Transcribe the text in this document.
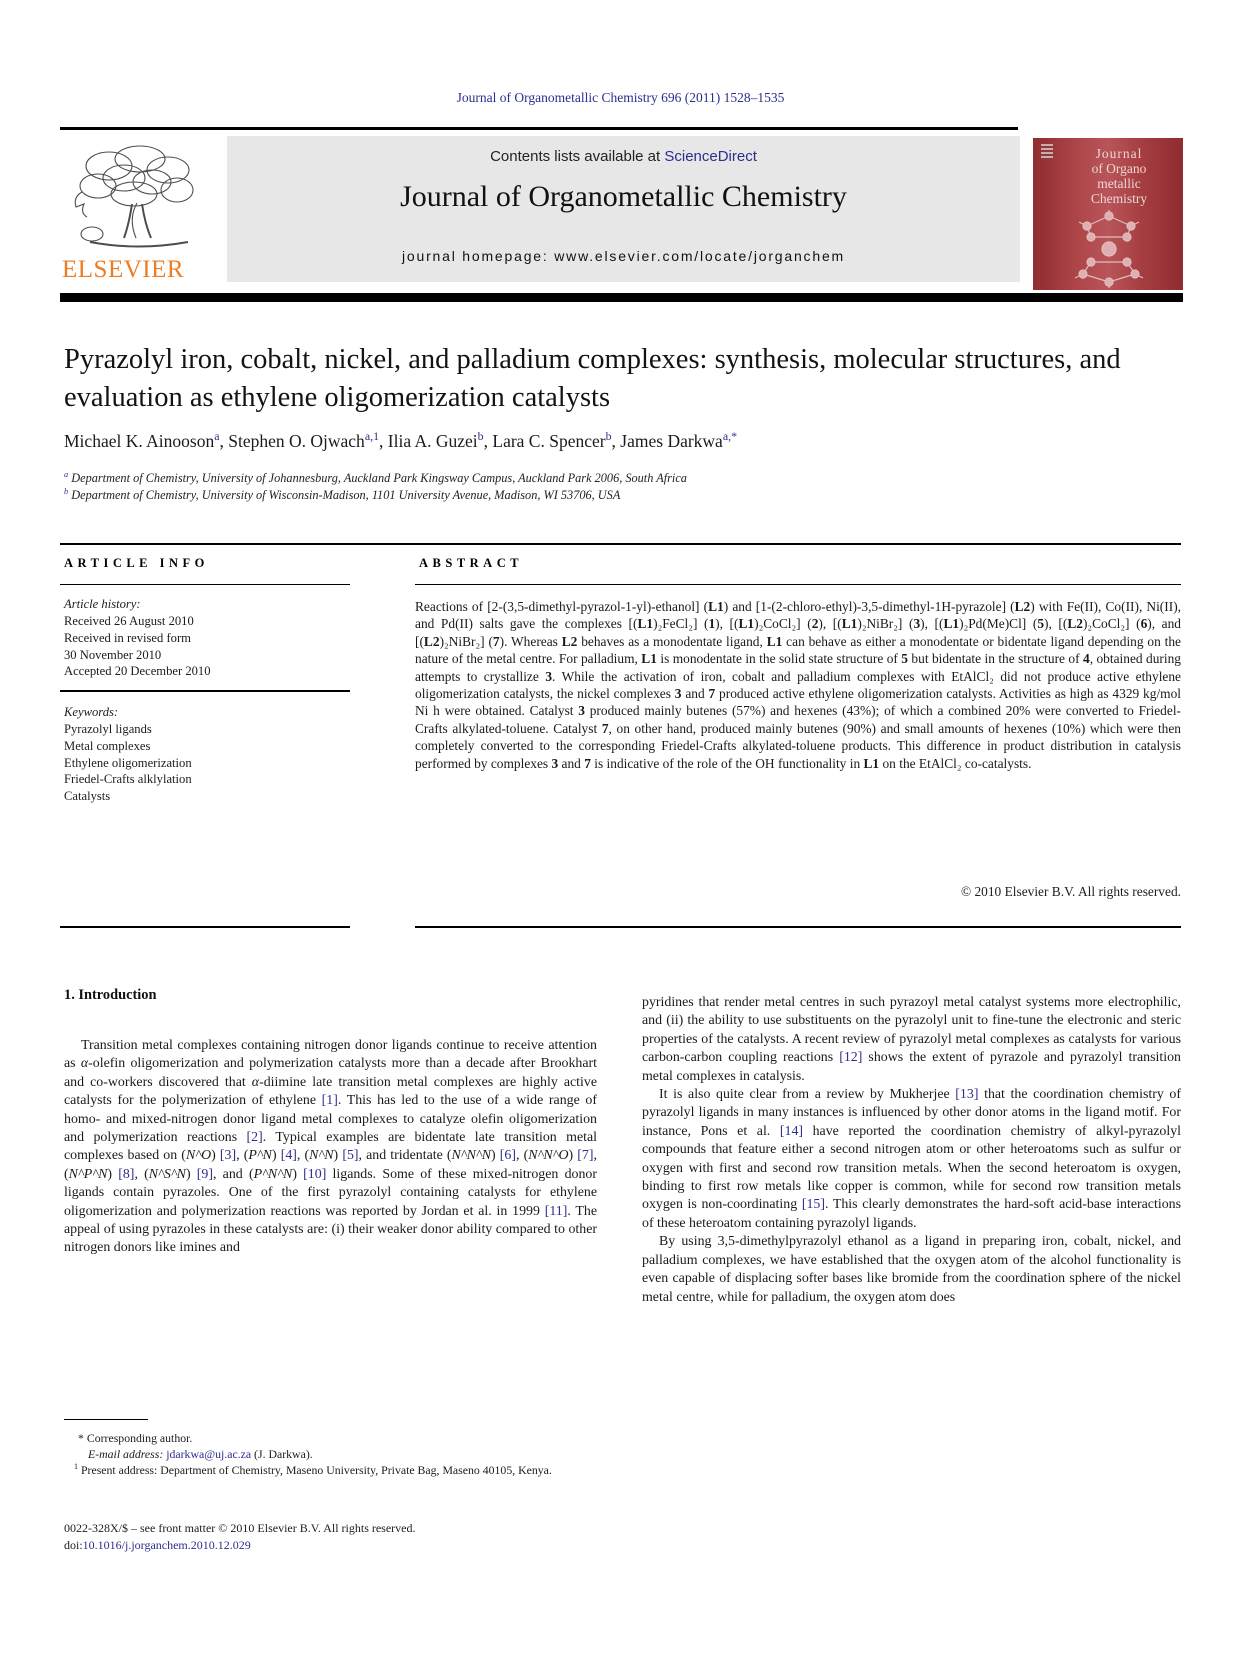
Journal of Organometallic Chemistry 696 (2011) 1528–1535
ELSEVIER
Contents lists available at ScienceDirect
Journal of Organometallic Chemistry
journal homepage: www.elsevier.com/locate/jorganchem
Journal
of Organo
metallic
Chemistry
Pyrazolyl iron, cobalt, nickel, and palladium complexes: synthesis, molecular structures, and evaluation as ethylene oligomerization catalysts
Michael K. Ainooson$^a$, Stephen O. Ojwach$^{a,1}$, Ilia A. Guzei$^b$, Lara C. Spencer$^b$, James Darkwa$^{a,*}$
$^a$ Department of Chemistry, University of Johannesburg, Auckland Park Kingsway Campus, Auckland Park 2006, South Africa
$^b$ Department of Chemistry, University of Wisconsin-Madison, 1101 University Avenue, Madison, WI 53706, USA
ARTICLE INFO
Article history:
Received 26 August 2010
Received in revised form
30 November 2010
Accepted 20 December 2010
Keywords:
Pyrazolyl ligands
Metal complexes
Ethylene oligomerization
Friedel-Crafts alklylation
Catalysts
ABSTRACT
Reactions of [2-(3,5-dimethyl-pyrazol-1-yl)-ethanol] (L1) and [1-(2-chloro-ethyl)-3,5-dimethyl-1H-pyrazole] (L2) with Fe(II), Co(II), Ni(II), and Pd(II) salts gave the complexes [(L1)₂FeCl₂] (1), [(L1)₂CoCl₂] (2), [(L1)₂NiBr₂] (3), [(L1)₂Pd(Me)Cl] (5), [(L2)₂CoCl₂] (6), and [(L2)₂NiBr₂] (7). Whereas L2 behaves as a monodentate ligand, L1 can behave as either a monodentate or bidentate ligand depending on the nature of the metal centre. For palladium, L1 is monodentate in the solid state structure of 5 but bidentate in the structure of 4, obtained during attempts to crystallize 3. While the activation of iron, cobalt and palladium complexes with EtAlCl₂ did not produce active ethylene oligomerization catalysts, the nickel complexes 3 and 7 produced active ethylene oligomerization catalysts. Activities as high as 4329 kg/mol Ni h were obtained. Catalyst 3 produced mainly butenes (57%) and hexenes (43%); of which a combined 20% were converted to Friedel-Crafts alkylated-toluene. Catalyst 7, on other hand, produced mainly butenes (90%) and small amounts of hexenes (10%) which were then completely converted to the corresponding Friedel-Crafts alkylated-toluene products. This difference in product distribution in catalysis performed by complexes 3 and 7 is indicative of the role of the OH functionality in L1 on the EtAlCl₂ co-catalysts.
© 2010 Elsevier B.V. All rights reserved.
1. Introduction

Transition metal complexes containing nitrogen donor ligands continue to receive attention as α-olefin oligomerization and polymerization catalysts more than a decade after Brookhart and co-workers discovered that α-diimine late transition metal complexes are highly active catalysts for the polymerization of ethylene [1]. This has led to the use of a wide range of homo- and mixed-nitrogen donor ligand metal complexes to catalyze olefin oligomerization and polymerization reactions [2]. Typical examples are bidentate late transition metal complexes based on (N^O) [3], (P^N) [4], (N^N) [5], and tridentate (N^N^N) [6], (N^N^O) [7], (N^P^N) [8], (N^S^N) [9], and (P^N^N) [10] ligands. Some of these mixed-nitrogen donor ligands contain pyrazoles. One of the first pyrazolyl containing catalysts for ethylene oligomerization and polymerization reactions was reported by Jordan et al. in 1999 [11]. The appeal of using pyrazoles in these catalysts are: (i) their weaker donor ability compared to other nitrogen donors like imines and

pyridines that render metal centres in such pyrazoyl metal catalyst systems more electrophilic, and (ii) the ability to use substituents on the pyrazolyl unit to fine-tune the electronic and steric properties of the catalysts. A recent review of pyrazolyl metal complexes as catalysts for various carbon-carbon coupling reactions [12] shows the extent of pyrazole and pyrazolyl transition metal complexes in catalysis.

It is also quite clear from a review by Mukherjee [13] that the coordination chemistry of pyrazolyl ligands in many instances is influenced by other donor atoms in the ligand motif. For instance, Pons et al. [14] have reported the coordination chemistry of alkyl-pyrazolyl compounds that feature either a second nitrogen atom or other heteroatoms such as sulfur or oxygen with first and second row transition metals. When the second heteroatom is oxygen, binding to first row metals like copper is common, while for second row transition metals oxygen is non-coordinating [15]. This clearly demonstrates the hard-soft acid-base interactions of these heteroatom containing pyrazolyl ligands.

By using 3,5-dimethylpyrazolyl ethanol as a ligand in preparing iron, cobalt, nickel, and palladium complexes, we have established that the oxygen atom of the alcohol functionality is even capable of displacing softer bases like bromide from the coordination sphere of the nickel metal centre, while for palladium, the oxygen atom does

* Corresponding author.
E-mail address: jdarkwa@uj.ac.za (J. Darkwa).
$^1$ Present address: Department of Chemistry, Maseno University, Private Bag, Maseno 40105, Kenya.
0022-328X/$ – see front matter © 2010 Elsevier B.V. All rights reserved.
doi:10.1016/j.jorganchem.2010.12.029
